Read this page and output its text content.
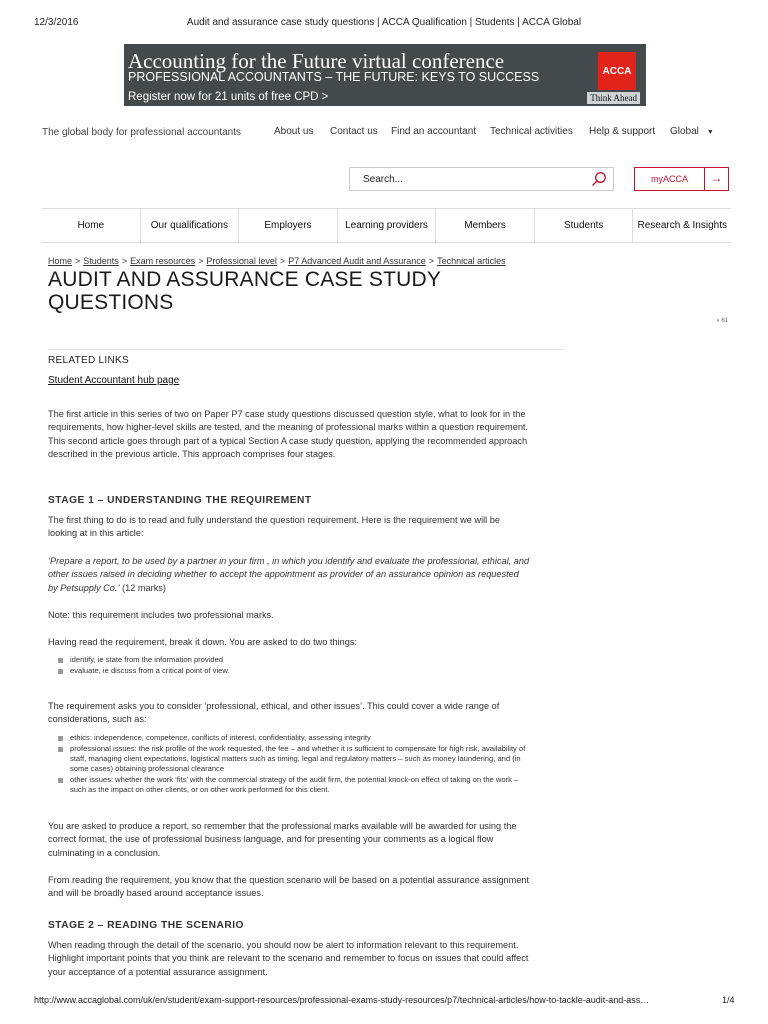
12/3/2016	Audit and assurance case study questions | ACCA Qualification | Students | ACCA Global
Accounting for the Future virtual conference
PROFESSIONAL ACCOUNTANTS – THE FUTURE: KEYS TO SUCCESS
Register now for 21 units of free CPD >
ACCA
Think Ahead
The global body for professional accountants	About us Contact us Find an accountant Technical activities Help & support Global ▼
Search...
myACCA	→
Home	Our qualifications	Employers	Learning providers	Members	Students	Research & Insights
Home > Students > Exam resources > Professional level > P7 Advanced Audit and Assurance > Technical articles
AUDIT AND ASSURANCE CASE STUDY QUESTIONS
◖ 61
RELATED LINKS
Student Accountant hub page

The first article in this series of two on Paper P7 case study questions discussed question style, what to look for in the requirements, how higher-level skills are tested, and the meaning of professional marks within a question requirement. This second article goes through part of a typical Section A case study question, applying the recommended approach described in the previous article. This approach comprises four stages.

STAGE 1 – UNDERSTANDING THE REQUIREMENT

The first thing to do is to read and fully understand the question requirement. Here is the requirement we will be looking at in this article:

‘Prepare a report, to be used by a partner in your firm , in which you identify and evaluate the professional, ethical, and other issues raised in deciding whether to accept the appointment as provider of an assurance opinion as requested by Petsupply Co.’ (12 marks)

Note: this requirement includes two professional marks.

Having read the requirement, break it down. You are asked to do two things:

identify, ie state from the information provided
evaluate, ie discuss from a critical point of view.

The requirement asks you to consider ‘professional, ethical, and other issues’. This could cover a wide range of considerations, such as:

ethics: independence, competence, conflicts of interest, confidentiality, assessing integrity
professional issues: the risk profile of the work requested, the fee – and whether it is sufficient to compensate for high risk, availability of staff, managing client expectations, logistical matters such as timing, legal and regulatory matters – such as money laundering, and (in some cases) obtaining professional clearance
other issues: whether the work ‘fits’ with the commercial strategy of the audit firm, the potential knock-on effect of taking on the work – such as the impact on other clients, or on other work performed for this client.

You are asked to produce a report, so remember that the professional marks available will be awarded for using the correct format, the use of professional business language, and for presenting your comments as a logical flow culminating in a conclusion.

From reading the requirement, you know that the question scenario will be based on a potential assurance assignment and will be broadly based around acceptance issues.

STAGE 2 – READING THE SCENARIO

When reading through the detail of the scenario, you should now be alert to information relevant to this requirement. Highlight important points that you think are relevant to the scenario and remember to focus on issues that could affect your acceptance of a potential assurance assignment.

http://www.accaglobal.com/uk/en/student/exam-support-resources/professional-exams-study-resources/p7/technical-articles/how-to-tackle-audit-and-ass…	1/4
